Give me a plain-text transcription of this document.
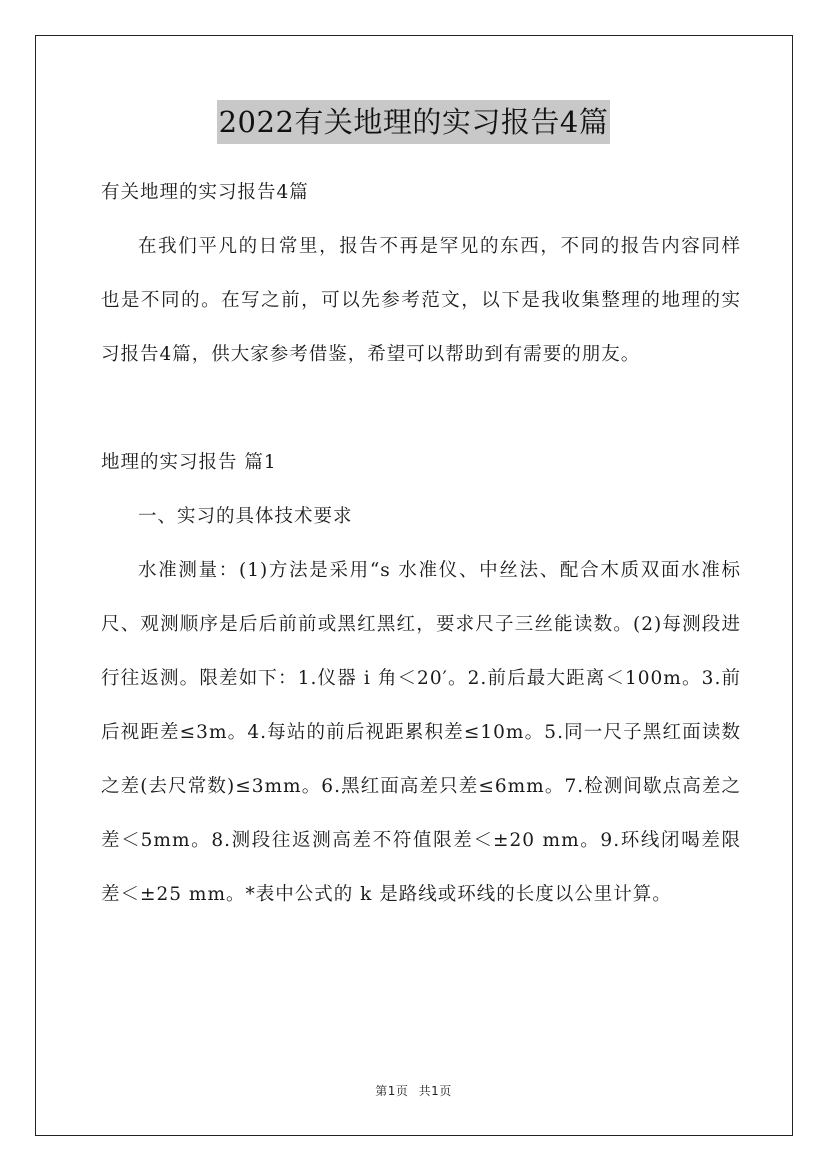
2022有关地理的实习报告4篇

有关地理的实习报告4篇

在我们平凡的日常里，报告不再是罕见的东西，不同的报告内容同样也是不同的。在写之前，可以先参考范文，以下是我收集整理的地理的实习报告4篇，供大家参考借鉴，希望可以帮助到有需要的朋友。

地理的实习报告 篇1

一、实习的具体技术要求

水准测量：(1)方法是采用“s 水准仪、中丝法、配合木质双面水准标尺、观测顺序是后后前前或黑红黑红，要求尺子三丝能读数。(2)每测段进行往返测。限差如下：1.仪器 i 角＜20′。2.前后最大距离＜100m。3.前后视距差≤3m。4.每站的前后视距累积差≤10m。5.同一尺子黑红面读数之差(去尺常数)≤3mm。6.黑红面高差只差≤6mm。7.检测间歇点高差之差＜5mm。8.测段往返测高差不符值限差＜±20 mm。9.环线闭喝差限差＜±25 mm。*表中公式的 k 是路线或环线的长度以公里计算。

第1页 共1页
